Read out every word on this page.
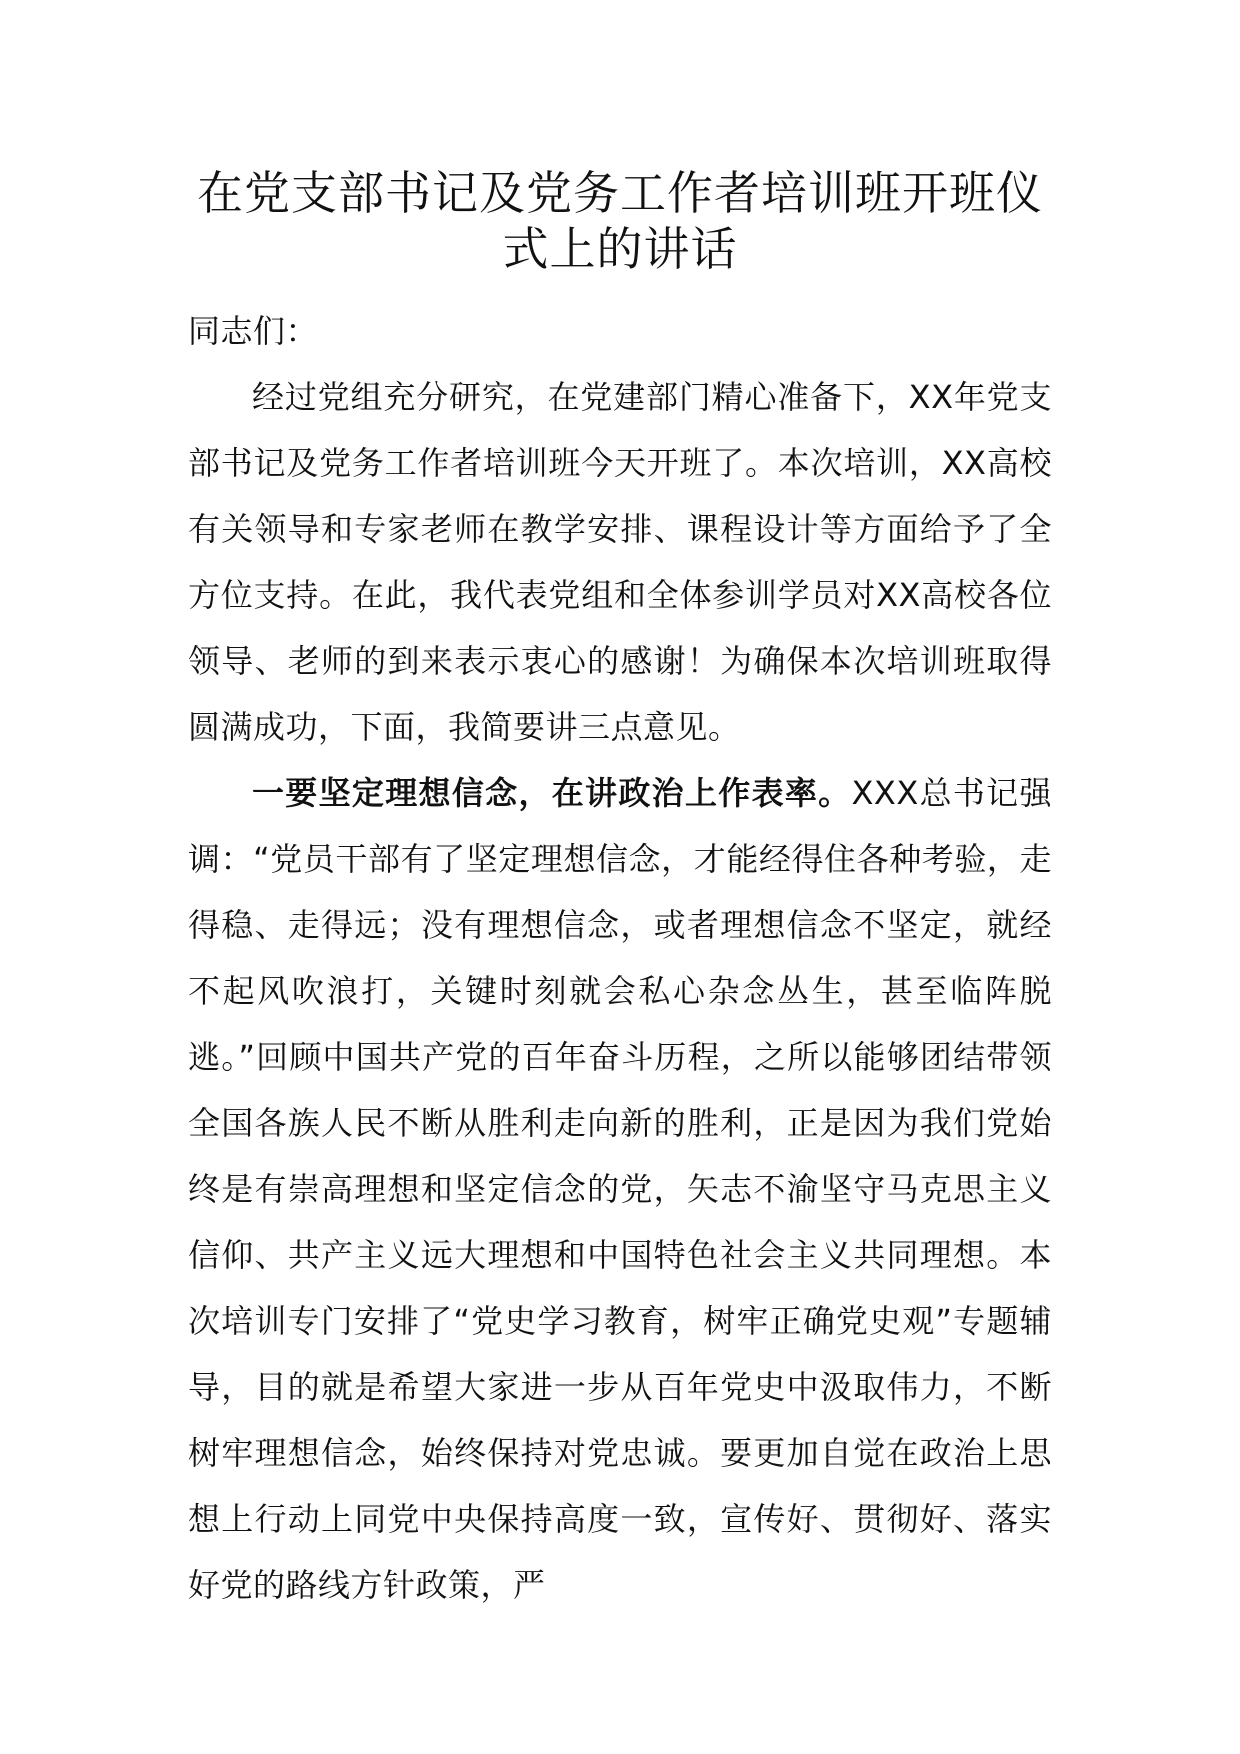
在党支部书记及党务工作者培训班开班仪
式上的讲话

同志们：

经过党组充分研究，在党建部门精心准备下，XX年党支部书记及党务工作者培训班今天开班了。本次培训，XX高校有关领导和专家老师在教学安排、课程设计等方面给予了全方位支持。在此，我代表党组和全体参训学员对XX高校各位领导、老师的到来表示衷心的感谢！为确保本次培训班取得圆满成功，下面，我简要讲三点意见。

一要坚定理想信念，在讲政治上作表率。XXX总书记强调：“党员干部有了坚定理想信念，才能经得住各种考验，走得稳、走得远；没有理想信念，或者理想信念不坚定，就经不起风吹浪打，关键时刻就会私心杂念丛生，甚至临阵脱逃。”回顾中国共产党的百年奋斗历程，之所以能够团结带领全国各族人民不断从胜利走向新的胜利，正是因为我们党始终是有崇高理想和坚定信念的党，矢志不渝坚守马克思主义信仰、共产主义远大理想和中国特色社会主义共同理想。本次培训专门安排了“党史学习教育，树牢正确党史观”专题辅导，目的就是希望大家进一步从百年党史中汲取伟力，不断树牢理想信念，始终保持对党忠诚。要更加自觉在政治上思想上行动上同党中央保持高度一致，宣传好、贯彻好、落实好党的路线方针政策，严
